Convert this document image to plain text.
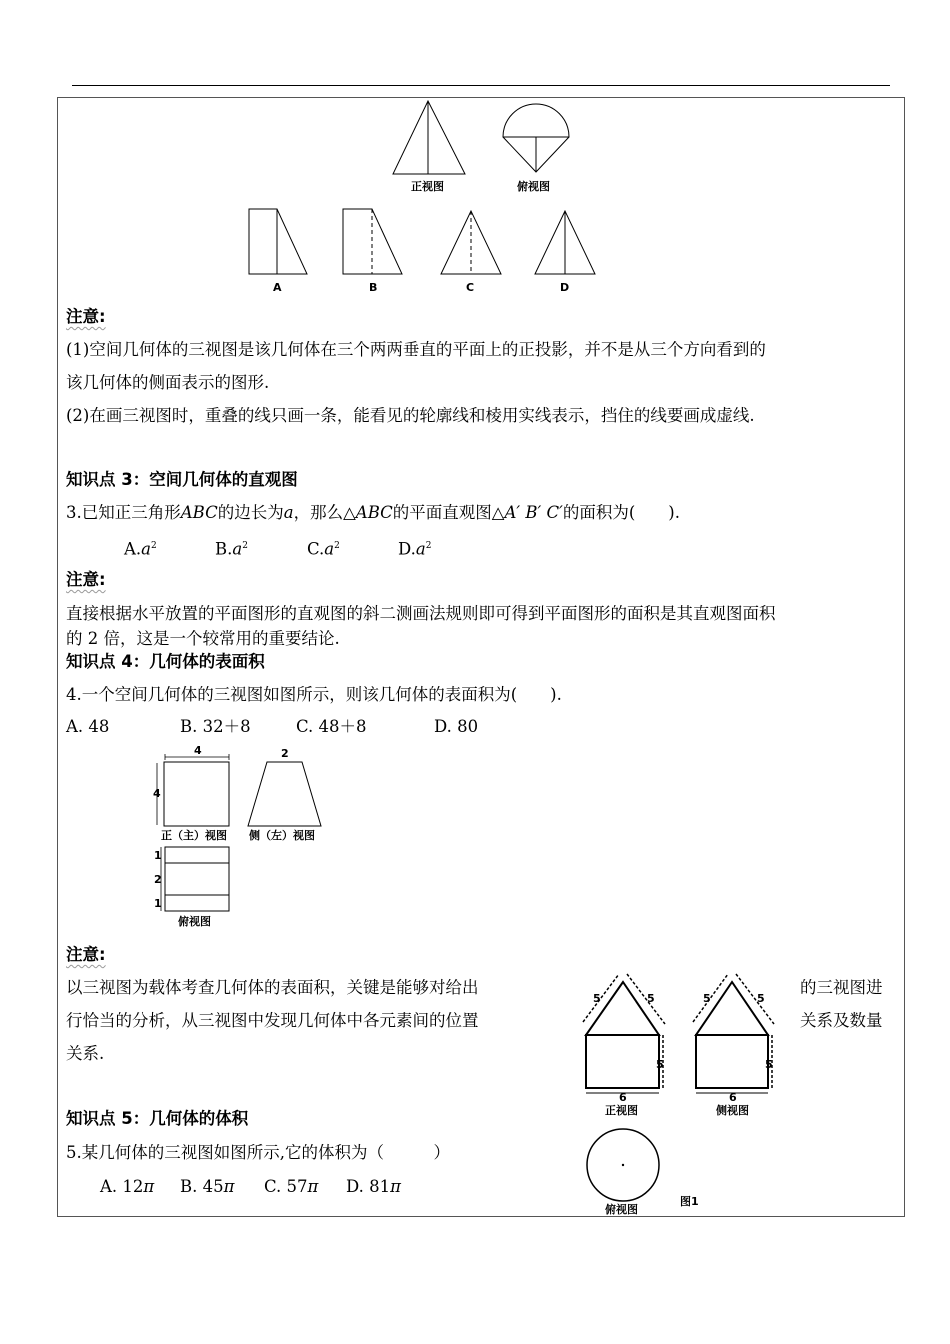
正视图	俯视图
A	B	C	D
注意:
(1)空间几何体的三视图是该几何体在三个两两垂直的平面上的正投影，并不是从三个方向看到的
该几何体的侧面表示的图形.
(2)在画三视图时，重叠的线只画一条，能看见的轮廓线和棱用实线表示，挡住的线要画成虚线.
知识点 3：空间几何体的直观图
3.已知正三角形ABC的边长为a，那么△ABC的平面直观图△A′ B′ C′的面积为(　　).
$A.a^2$	$B.a^2$	$C.a^2$	$D.a^2$
注意:
直接根据水平放置的平面图形的直观图的斜二测画法规则即可得到平面图形的面积是其直观图面积
的 2 倍，这是一个较常用的重要结论.
知识点 4：几何体的表面积
4.一个空间几何体的三视图如图所示，则该几何体的表面积为(　　).
A. 48	B. 32＋8	C. 48＋8	D. 80
4
4
正（主）视图
2
侧（左）视图
1
2
1
俯视图
注意:
以三视图为载体考查几何体的表面积，关键是能够对给出	的三视图进
行恰当的分析，从三视图中发现几何体中各元素间的位置	关系及数量
关系.
知识点 5：几何体的体积
5.某几何体的三视图如图所示,它的体积为（　　　）
A. 12π B. 45π C. 57π D. 81π
5	5
5
6
正视图
5	5
5
6
侧视图
俯视图
图1
